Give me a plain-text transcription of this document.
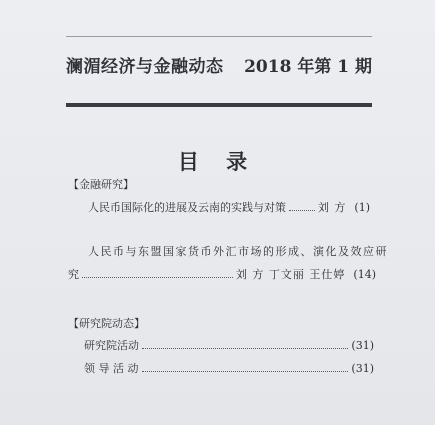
澜湄经济与金融动态 2018 年第 1 期
目 录
【金融研究】
人民币国际化的进展及云南的实践与对策	刘 方 (1)
人民币与东盟国家货币外汇市场的形成、演化及效应研
究	刘 方 丁文丽 王仕婷 (14)
【研究院动态】
研究院活动	(31)
领 导 活 动	(31)
